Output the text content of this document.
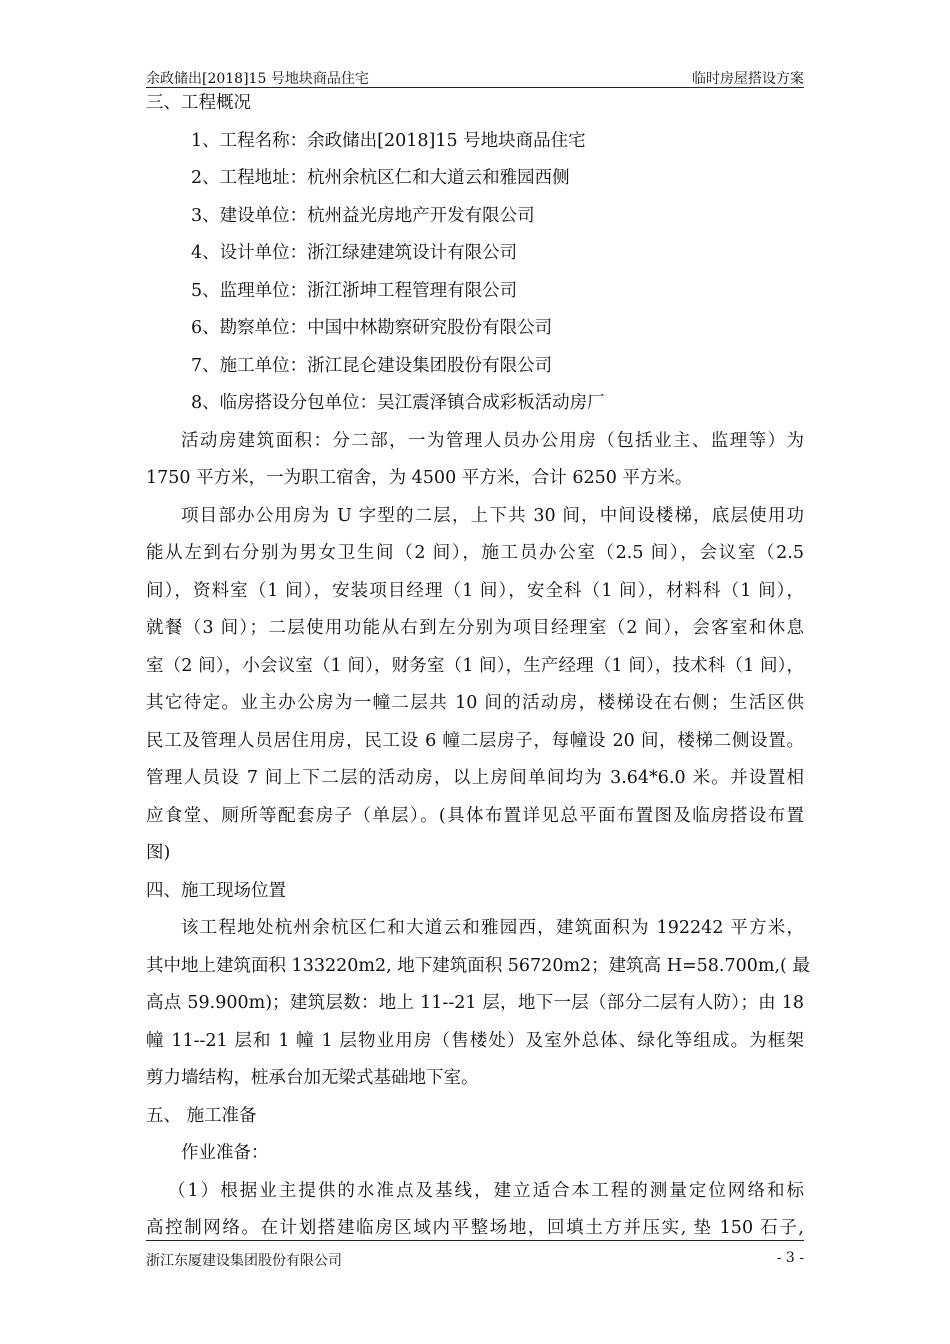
余政储出[2018]15 号地块商品住宅	临时房屋搭设方案
三、工程概况
1、工程名称：余政储出[2018]15 号地块商品住宅
2、工程地址：杭州余杭区仁和大道云和雅园西侧
3、建设单位：杭州益光房地产开发有限公司
4、设计单位：浙江绿建建筑设计有限公司
5、监理单位：浙江浙坤工程管理有限公司
6、勘察单位：中国中林勘察研究股份有限公司
7、施工单位：浙江昆仑建设集团股份有限公司
8、临房搭设分包单位：吴江震泽镇合成彩板活动房厂
活动房建筑面积：分二部，一为管理人员办公用房（包括业主、监理等）为
1750 平方米，一为职工宿舍，为 4500 平方米，合计 6250 平方米。
项目部办公用房为 U 字型的二层，上下共 30 间，中间设楼梯，底层使用功
能从左到右分别为男女卫生间（2 间），施工员办公室（2.5 间），会议室（2.5
间），资料室（1 间），安装项目经理（1 间），安全科（1 间），材料科（1 间），
就餐（3 间）；二层使用功能从右到左分别为项目经理室（2 间），会客室和休息
室（2 间），小会议室（1 间），财务室（1 间），生产经理（1 间），技术科（1 间），
其它待定。业主办公房为一幢二层共 10 间的活动房，楼梯设在右侧；生活区供
民工及管理人员居住用房，民工设 6 幢二层房子，每幢设 20 间，楼梯二侧设置。
管理人员设 7 间上下二层的活动房，以上房间单间均为 3.64*6.0 米。并设置相
应食堂、厕所等配套房子（单层）。(具体布置详见总平面布置图及临房搭设布置
图)
四、施工现场位置
该工程地处杭州余杭区仁和大道云和雅园西，建筑面积为 192242 平方米，
其中地上建筑面积 133220m2, 地下建筑面积 56720m2；建筑高 H=58.700m,( 最
高点 59.900m)；建筑层数：地上 11--21 层，地下一层（部分二层有人防）；由 18
幢 11--21 层和 1 幢 1 层物业用房（售楼处）及室外总体、绿化等组成。为框架
剪力墙结构，桩承台加无梁式基础地下室。
五、 施工准备
作业准备：
（1）根据业主提供的水准点及基线，建立适合本工程的测量定位网络和标
高控制网络。在计划搭建临房区域内平整场地，回填土方并压实, 垫 150 石子,
浙江东厦建设集团股份有限公司	- 3 -
